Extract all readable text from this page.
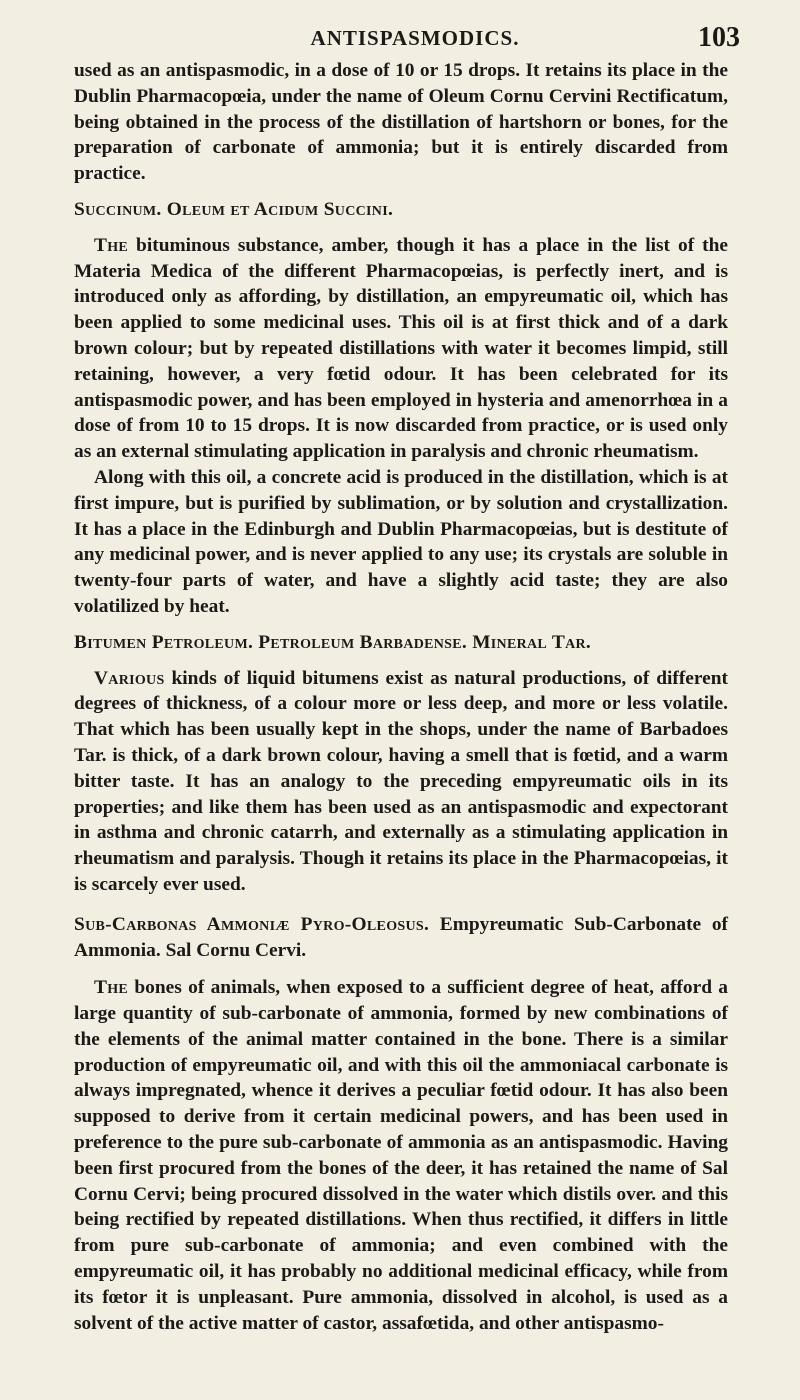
ANTISPASMODICS.	103

used as an antispasmodic, in a dose of 10 or 15 drops. It retains its place in the Dublin Pharmacopœia, under the name of Oleum Cornu Cervini Rectificatum, being obtained in the process of the distillation of hartshorn or bones, for the preparation of carbonate of ammonia; but it is entirely discarded from practice.

Succinum. Oleum et Acidum Succini.

The bituminous substance, amber, though it has a place in the list of the Materia Medica of the different Pharmacopœias, is perfectly inert, and is introduced only as affording, by distillation, an empyreumatic oil, which has been applied to some medicinal uses. This oil is at first thick and of a dark brown colour; but by repeated distillations with water it becomes limpid, still retaining, however, a very fœtid odour. It has been celebrated for its antispasmodic power, and has been employed in hysteria and amenorrhœa in a dose of from 10 to 15 drops. It is now discarded from practice, or is used only as an external stimulating application in paralysis and chronic rheumatism.

Along with this oil, a concrete acid is produced in the distillation, which is at first impure, but is purified by sublimation, or by solution and crystallization. It has a place in the Edinburgh and Dublin Pharmacopœias, but is destitute of any medicinal power, and is never applied to any use; its crystals are soluble in twenty-four parts of water, and have a slightly acid taste; they are also volatilized by heat.

Bitumen Petroleum. Petroleum Barbadense. Mineral Tar.

Various kinds of liquid bitumens exist as natural productions, of different degrees of thickness, of a colour more or less deep, and more or less volatile. That which has been usually kept in the shops, under the name of Barbadoes Tar. is thick, of a dark brown colour, having a smell that is fœtid, and a warm bitter taste. It has an analogy to the preceding empyreumatic oils in its properties; and like them has been used as an antispasmodic and expectorant in asthma and chronic catarrh, and externally as a stimulating application in rheumatism and paralysis. Though it retains its place in the Pharmacopœias, it is scarcely ever used.

Sub-Carbonas Ammoniæ Pyro-Oleosus. Empyreumatic Sub-Carbonate of Ammonia. Sal Cornu Cervi.

The bones of animals, when exposed to a sufficient degree of heat, afford a large quantity of sub-carbonate of ammonia, formed by new combinations of the elements of the animal matter contained in the bone. There is a similar production of empyreumatic oil, and with this oil the ammoniacal carbonate is always impregnated, whence it derives a peculiar fœtid odour. It has also been supposed to derive from it certain medicinal powers, and has been used in preference to the pure sub-carbonate of ammonia as an antispasmodic. Having been first procured from the bones of the deer, it has retained the name of Sal Cornu Cervi; being procured dissolved in the water which distils over. and this being rectified by repeated distillations. When thus rectified, it differs in little from pure sub-carbonate of ammonia; and even combined with the empyreumatic oil, it has probably no additional medicinal efficacy, while from its fœtor it is unpleasant. Pure ammonia, dissolved in alcohol, is used as a solvent of the active matter of castor, assafœtida, and other antispasmo-
